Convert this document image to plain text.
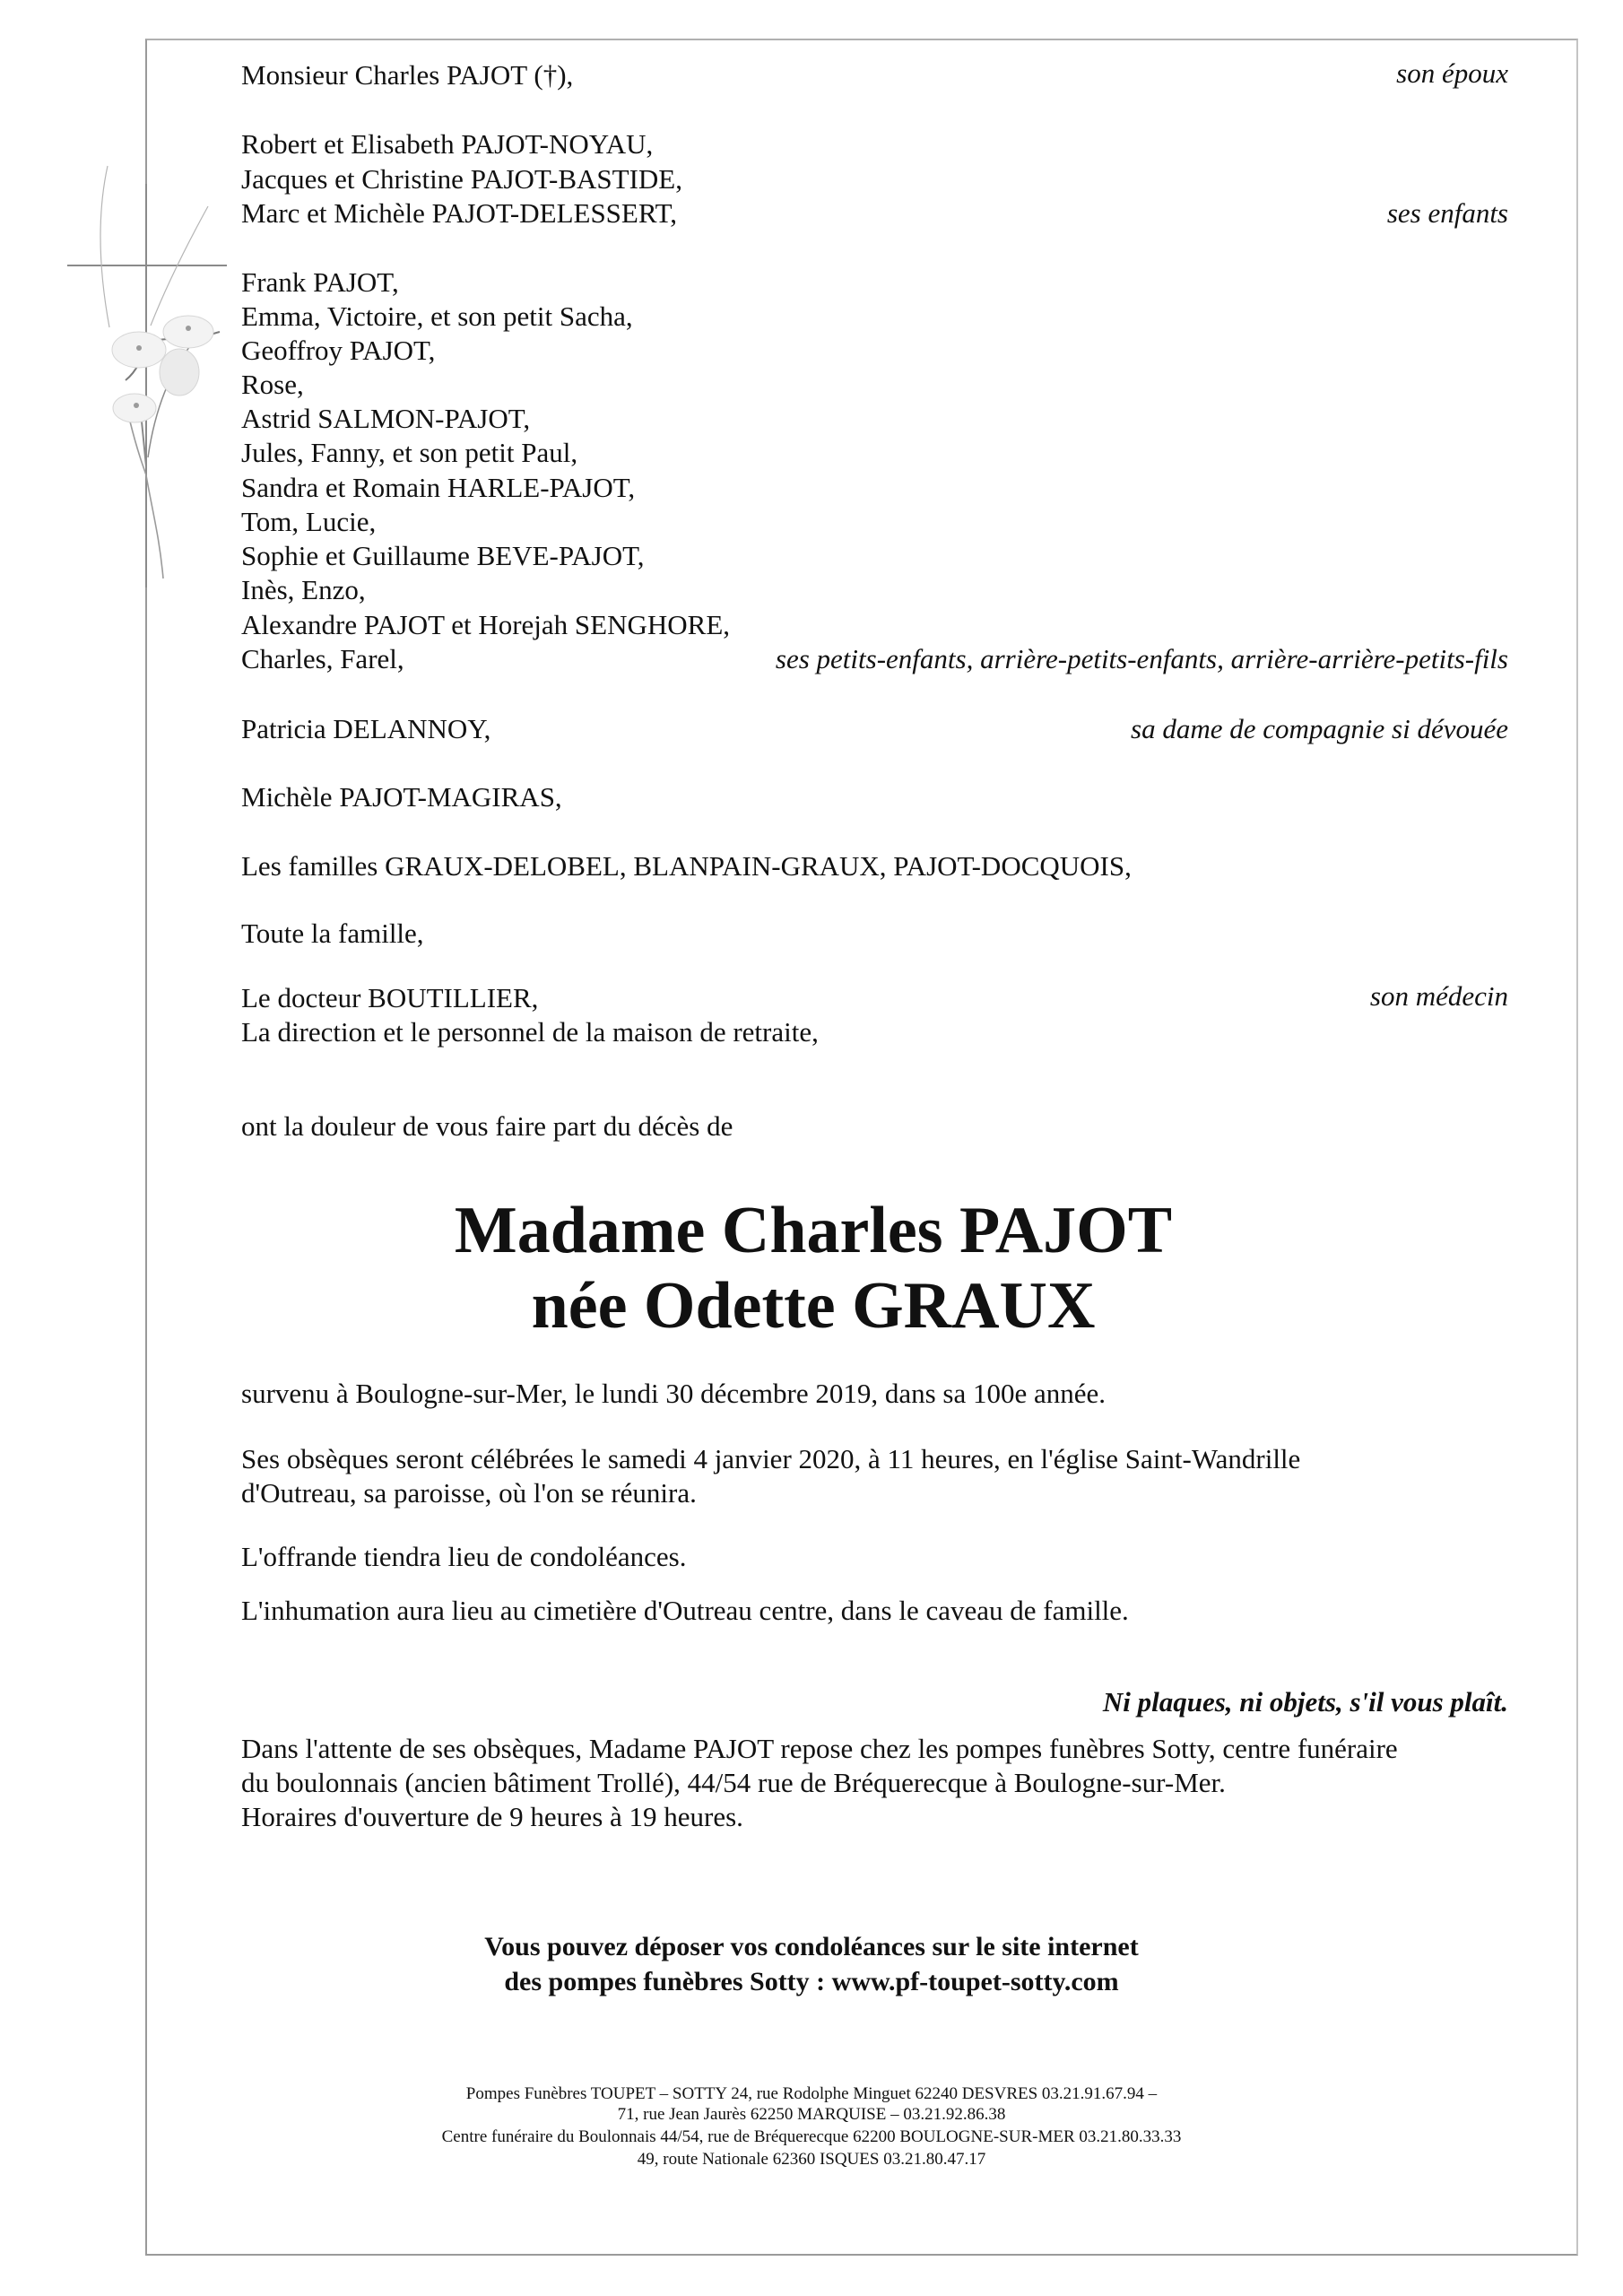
Monsieur Charles PAJOT (†),	son époux
Robert et Elisabeth PAJOT-NOYAU,
Jacques et Christine PAJOT-BASTIDE,
Marc et Michèle PAJOT-DELESSERT,	ses enfants
Frank PAJOT,
Emma, Victoire, et son petit Sacha,
Geoffroy PAJOT,
Rose,
Astrid SALMON-PAJOT,
Jules, Fanny, et son petit Paul,
Sandra et Romain HARLE-PAJOT,
Tom, Lucie,
Sophie et Guillaume BEVE-PAJOT,
Inès, Enzo,
Alexandre PAJOT et Horejah SENGHORE,
Charles, Farel,	ses petits-enfants, arrière-petits-enfants, arrière-arrière-petits-fils
Patricia DELANNOY,	sa dame de compagnie si dévouée
Michèle PAJOT-MAGIRAS,
Les familles GRAUX-DELOBEL, BLANPAIN-GRAUX, PAJOT-DOCQUOIS,
Toute la famille,
Le docteur BOUTILLIER,	son médecin
La direction et le personnel de la maison de retraite,
ont la douleur de vous faire part du décès de
Madame Charles PAJOT
née Odette GRAUX
survenu à Boulogne-sur-Mer, le lundi 30 décembre 2019, dans sa 100e année.
Ses obsèques seront célébrées le samedi 4 janvier 2020, à 11 heures, en l'église Saint-Wandrille
d'Outreau, sa paroisse, où l'on se réunira.
L'offrande tiendra lieu de condoléances.
L'inhumation aura lieu au cimetière d'Outreau centre, dans le caveau de famille.
Ni plaques, ni objets, s'il vous plaît.
Dans l'attente de ses obsèques, Madame PAJOT repose chez les pompes funèbres Sotty, centre funéraire
du boulonnais (ancien bâtiment Trollé), 44/54 rue de Bréquerecque à Boulogne-sur-Mer.
Horaires d'ouverture de 9 heures à 19 heures.
Vous pouvez déposer vos condoléances sur le site internet
des pompes funèbres Sotty : www.pf-toupet-sotty.com
Pompes Funèbres TOUPET – SOTTY 24, rue Rodolphe Minguet 62240 DESVRES 03.21.91.67.94 –
71, rue Jean Jaurès 62250 MARQUISE – 03.21.92.86.38
Centre funéraire du Boulonnais 44/54, rue de Bréquerecque 62200 BOULOGNE-SUR-MER 03.21.80.33.33
49, route Nationale 62360 ISQUES 03.21.80.47.17
